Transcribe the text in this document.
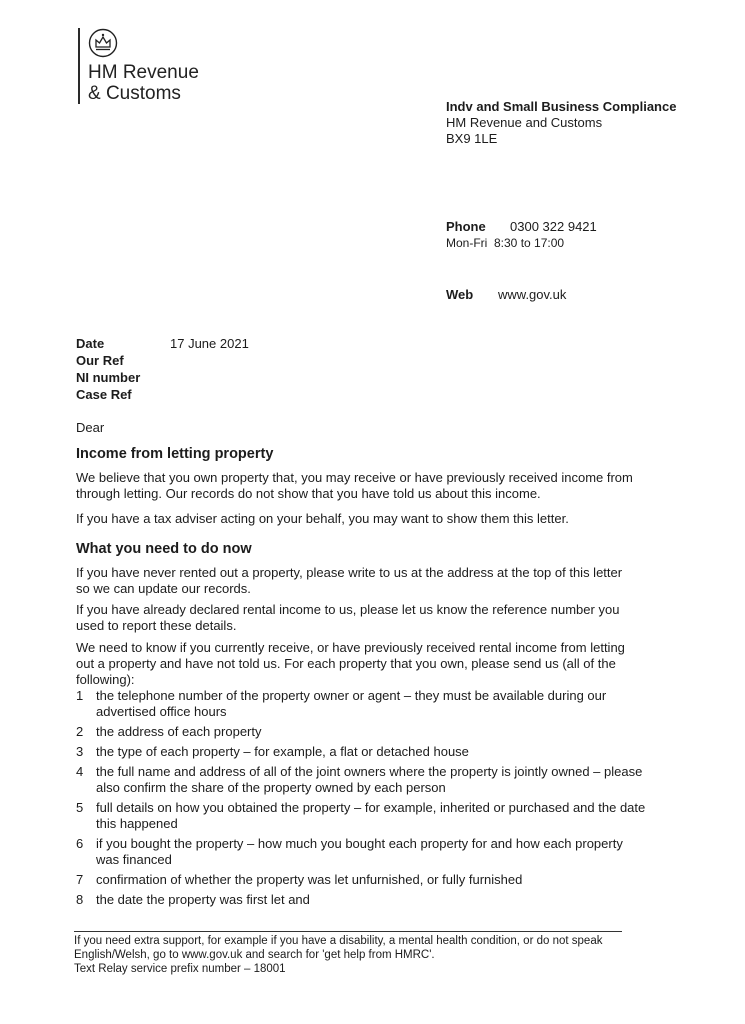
HM Revenue
& Customs
Indv and Small Business Compliance
HM Revenue and Customs
BX9 1LE
Phone 0300 322 9421
Mon-Fri  8:30 to 17:00
Web www.gov.uk
Date	17 June 2021
Our Ref
NI number
Case Ref
Dear
Income from letting property

We believe that you own property that, you may receive or have previously received income from through letting. Our records do not show that you have told us about this income.

If you have a tax adviser acting on your behalf, you may want to show them this letter.

What you need to do now

If you have never rented out a property, please write to us at the address at the top of this letter so we can update our records.

If you have already declared rental income to us, please let us know the reference number you used to report these details.

We need to know if you currently receive, or have previously received rental income from letting out a property and have not told us. For each property that you own, please send us (all of the following):

1 the telephone number of the property owner or agent – they must be available during our advertised office hours
2 the address of each property
3 the type of each property – for example, a flat or detached house
4 the full name and address of all of the joint owners where the property is jointly owned – please also confirm the share of the property owned by each person
5 full details on how you obtained the property – for example, inherited or purchased and the date this happened
6 if you bought the property – how much you bought each property for and how each property was financed
7 confirmation of whether the property was let unfurnished, or fully furnished
8 the date the property was first let and
If you need extra support, for example if you have a disability, a mental health condition, or do not speak English/Welsh, go to www.gov.uk and search for 'get help from HMRC'.
Text Relay service prefix number – 18001
